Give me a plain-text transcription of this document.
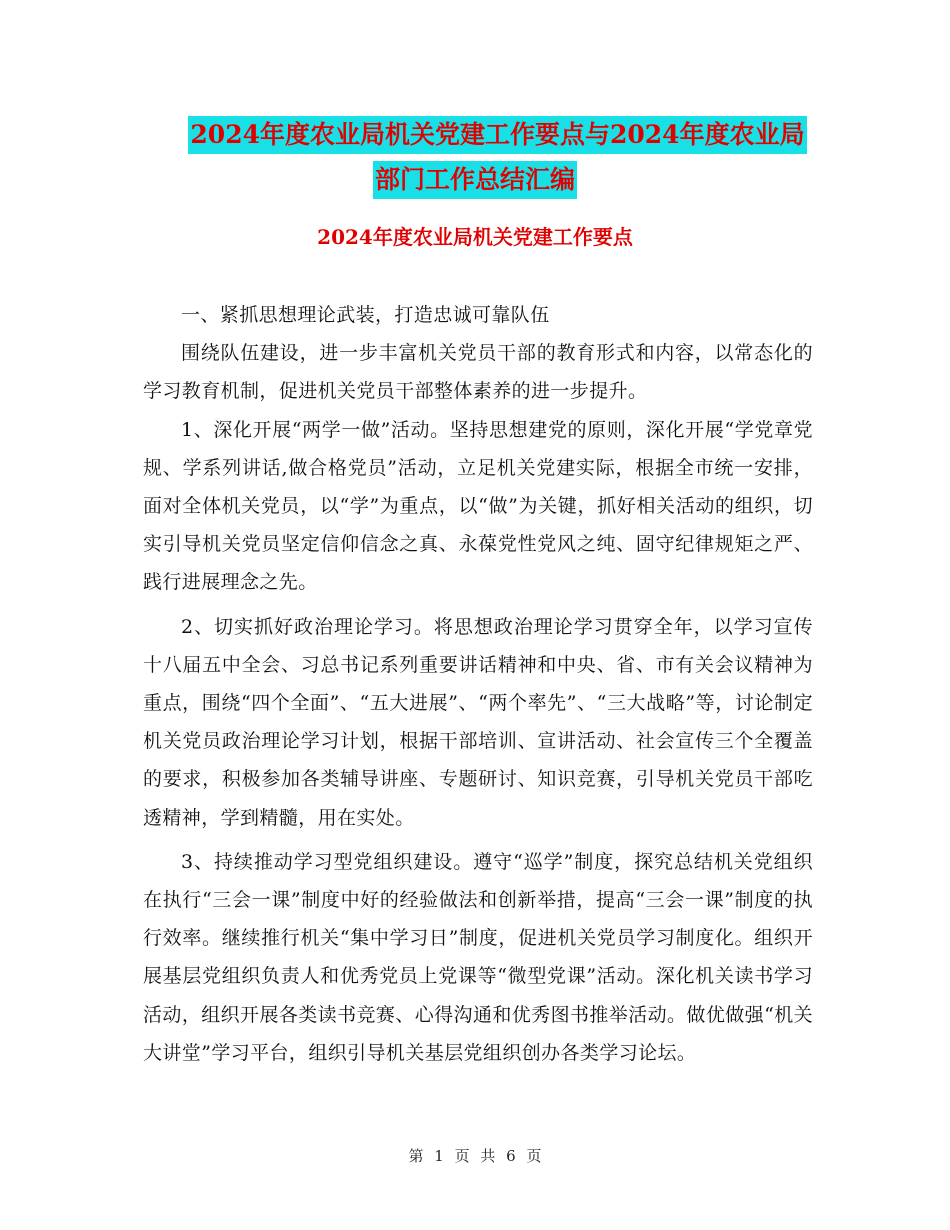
2024年度农业局机关党建工作要点与2024年度农业局
部门工作总结汇编
2024年度农业局机关党建工作要点

一、紧抓思想理论武装，打造忠诚可靠队伍

围绕队伍建设，进一步丰富机关党员干部的教育形式和内容，以常态化的学习教育机制，促进机关党员干部整体素养的进一步提升。

1、深化开展“两学一做”活动。坚持思想建党的原则，深化开展“学党章党规、学系列讲话,做合格党员”活动，立足机关党建实际，根据全市统一安排，面对全体机关党员，以“学”为重点，以“做”为关键，抓好相关活动的组织，切实引导机关党员坚定信仰信念之真、永葆党性党风之纯、固守纪律规矩之严、践行进展理念之先。

2、切实抓好政治理论学习。将思想政治理论学习贯穿全年，以学习宣传十八届五中全会、习总书记系列重要讲话精神和中央、省、市有关会议精神为重点，围绕“四个全面”、“五大进展”、“两个率先”、“三大战略”等，讨论制定机关党员政治理论学习计划，根据干部培训、宣讲活动、社会宣传三个全覆盖的要求，积极参加各类辅导讲座、专题研讨、知识竞赛，引导机关党员干部吃透精神，学到精髓，用在实处。

3、持续推动学习型党组织建设。遵守“巡学”制度，探究总结机关党组织在执行“三会一课”制度中好的经验做法和创新举措，提高“三会一课”制度的执行效率。继续推行机关“集中学习日”制度，促进机关党员学习制度化。组织开展基层党组织负责人和优秀党员上党课等“微型党课”活动。深化机关读书学习活动，组织开展各类读书竞赛、心得沟通和优秀图书推举活动。做优做强“机关大讲堂”学习平台，组织引导机关基层党组织创办各类学习论坛。

第 1 页 共 6 页
